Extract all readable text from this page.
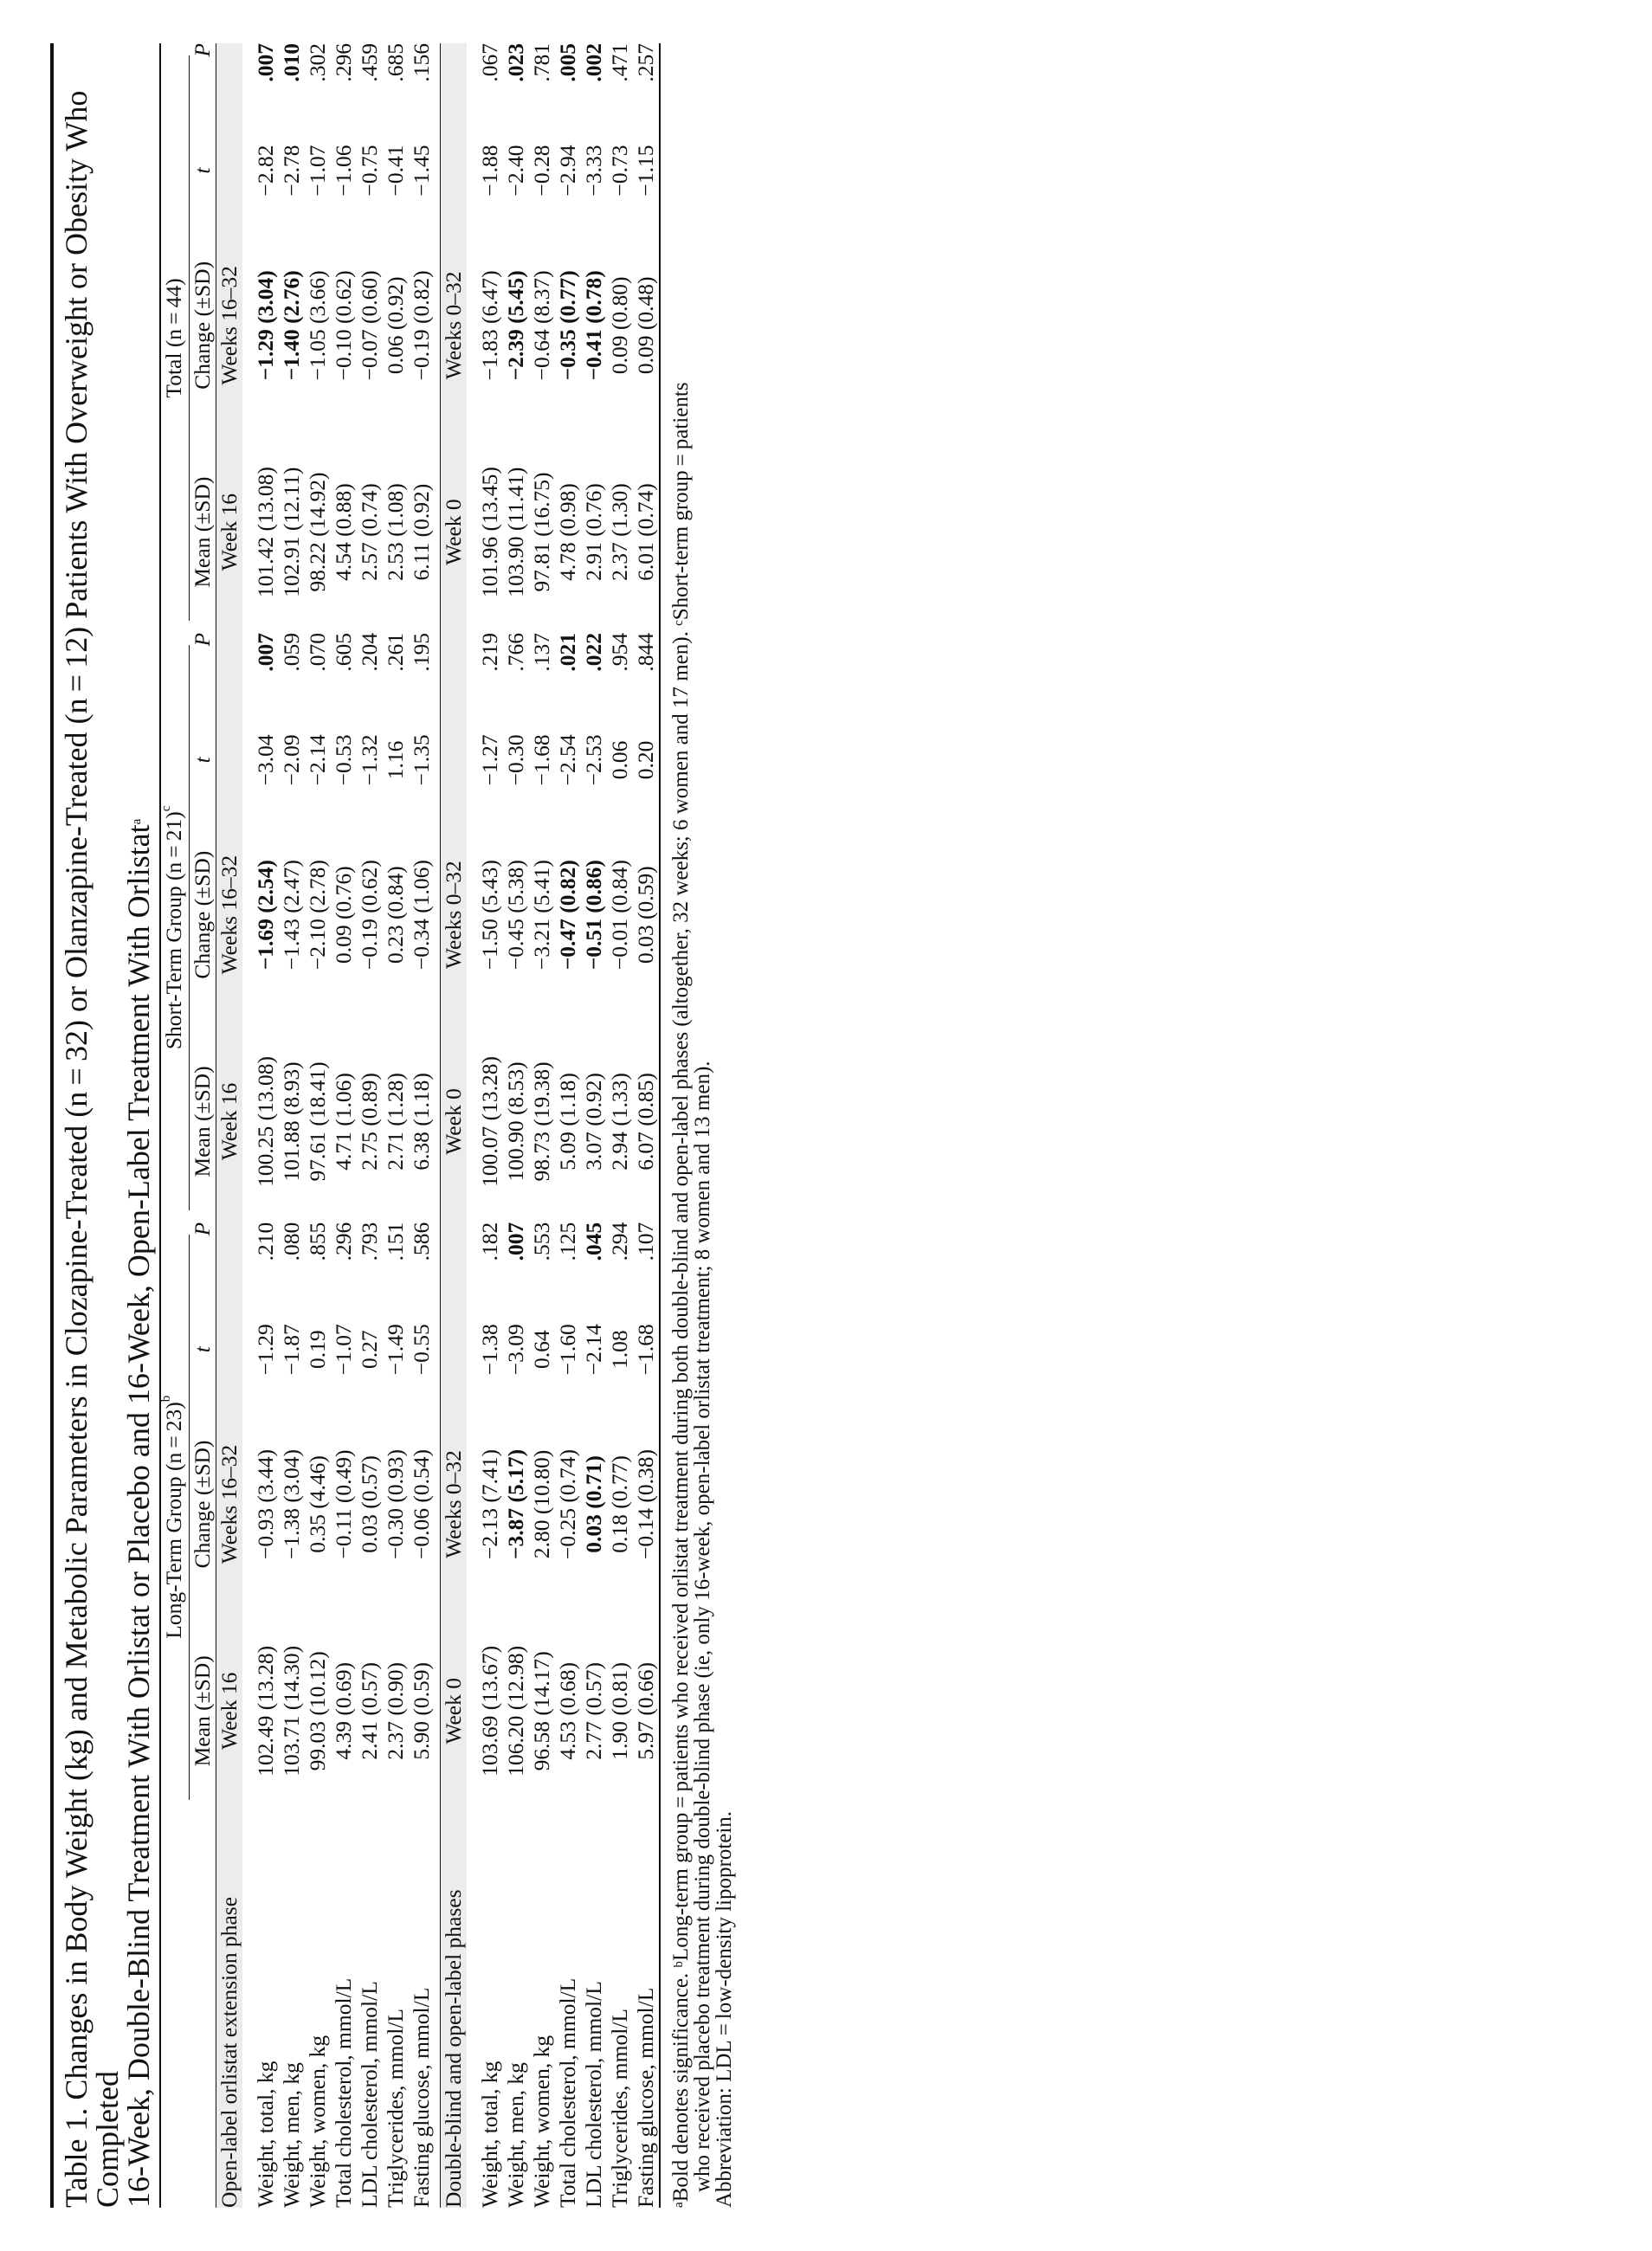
Table 1. Changes in Body Weight (kg) and Metabolic Parameters in Clozapine-Treated (n = 32) or Olanzapine-Treated (n = 12) Patients With Overweight or Obesity Who Completed
16-Week, Double-Blind Treatment With Orlistat or Placebo and 16-Week, Open-Label Treatment With Orlistat$^a$

	Long-Term Group (n = 23)$^b$				Short-Term Group (n = 21)$^c$				Total (n = 44)			

	Mean (±SD)	Change (±SD)	t	P	Mean (±SD)	Change (±SD)	t	P	Mean (±SD)	Change (±SD)	t	P
Open-label orlistat extension phase	Week 16	Weeks 16–32			Week 16	Weeks 16–32			Week 16	Weeks 16–32		

Weight, total, kg	102.49 (13.28)	−0.93 (3.44)	−1.29	.210	100.25 (13.08)	−1.69 (2.54)	−3.04	.007	101.42 (13.08)	−1.29 (3.04)	−2.82	.007
Weight, men, kg	103.71 (14.30)	−1.38 (3.04)	−1.87	.080	101.88 (8.93)	−1.43 (2.47)	−2.09	.059	102.91 (12.11)	−1.40 (2.76)	−2.78	.010
Weight, women, kg	99.03 (10.12)	0.35 (4.46)	0.19	.855	97.61 (18.41)	−2.10 (2.78)	−2.14	.070	98.22 (14.92)	−1.05 (3.66)	−1.07	.302
Total cholesterol, mmol/L	4.39 (0.69)	−0.11 (0.49)	−1.07	.296	4.71 (1.06)	0.09 (0.76)	−0.53	.605	4.54 (0.88)	−0.10 (0.62)	−1.06	.296
LDL cholesterol, mmol/L	2.41 (0.57)	0.03 (0.57)	0.27	.793	2.75 (0.89)	−0.19 (0.62)	−1.32	.204	2.57 (0.74)	−0.07 (0.60)	−0.75	.459
Triglycerides, mmol/L	2.37 (0.90)	−0.30 (0.93)	−1.49	.151	2.71 (1.28)	0.23 (0.84)	1.16	.261	2.53 (1.08)	0.06 (0.92)	−0.41	.685
Fasting glucose, mmol/L	5.90 (0.59)	−0.06 (0.54)	−0.55	.586	6.38 (1.18)	−0.34 (1.06)	−1.35	.195	6.11 (0.92)	−0.19 (0.82)	−1.45	.156

Double-blind and open-label phases	Week 0	Weeks 0–32			Week 0	Weeks 0–32			Week 0	Weeks 0–32		

Weight, total, kg	103.69 (13.67)	−2.13 (7.41)	−1.38	.182	100.07 (13.28)	−1.50 (5.43)	−1.27	.219	101.96 (13.45)	−1.83 (6.47)	−1.88	.067
Weight, men, kg	106.20 (12.98)	−3.87 (5.17)	−3.09	.007	100.90 (8.53)	−0.45 (5.38)	−0.30	.766	103.90 (11.41)	−2.39 (5.45)	−2.40	.023
Weight, women, kg	96.58 (14.17)	2.80 (10.80)	0.64	.553	98.73 (19.38)	−3.21 (5.41)	−1.68	.137	97.81 (16.75)	−0.64 (8.37)	−0.28	.781
Total cholesterol, mmol/L	4.53 (0.68)	−0.25 (0.74)	−1.60	.125	5.09 (1.18)	−0.47 (0.82)	−2.54	.021	4.78 (0.98)	−0.35 (0.77)	−2.94	.005
LDL cholesterol, mmol/L	2.77 (0.57)	0.03 (0.71)	−2.14	.045	3.07 (0.92)	−0.51 (0.86)	−2.53	.022	2.91 (0.76)	−0.41 (0.78)	−3.33	.002
Triglycerides, mmol/L	1.90 (0.81)	0.18 (0.77)	1.08	.294	2.94 (1.33)	−0.01 (0.84)	0.06	.954	2.37 (1.30)	0.09 (0.80)	−0.73	.471
Fasting glucose, mmol/L	5.97 (0.66)	−0.14 (0.38)	−1.68	.107	6.07 (0.85)	0.03 (0.59)	0.20	.844	6.01 (0.74)	0.09 (0.48)	−1.15	.257

$^a$Bold denotes significance. $^b$Long-term group = patients who received orlistat treatment during both double-blind and open-label phases (altogether, 32 weeks; 6 women and 17 men). $^c$Short-term group = patients

who received placebo treatment during double-blind phase (ie, only 16-week, open-label orlistat treatment; 8 women and 13 men).

Abbreviation: LDL = low-density lipoprotein.
